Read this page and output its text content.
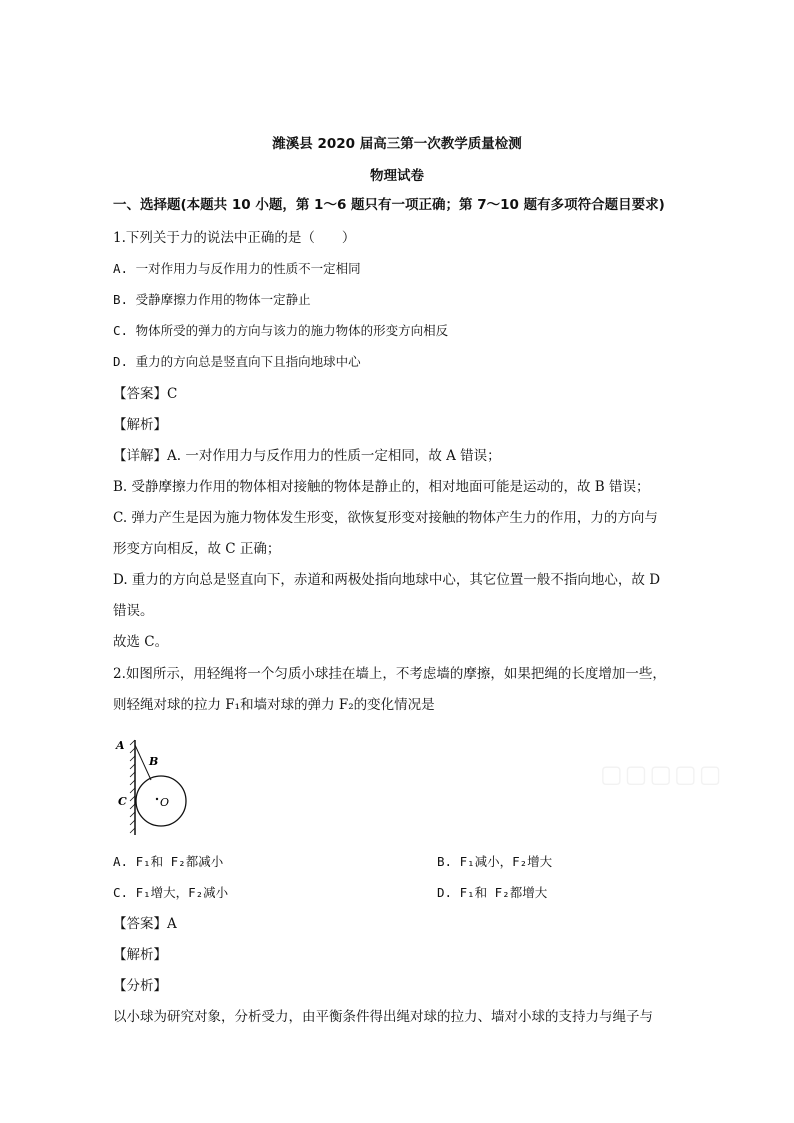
潍溪县 2020 届高三第一次教学质量检测
物理试卷
一、选择题(本题共 10 小题，第 1～6 题只有一项正确；第 7～10 题有多项符合题目要求)
1.下列关于力的说法中正确的是（　　）
A. 一对作用力与反作用力的性质不一定相同
B. 受静摩擦力作用的物体一定静止
C. 物体所受的弹力的方向与该力的施力物体的形变方向相反
D. 重力的方向总是竖直向下且指向地球中心
【答案】C
【解析】
【详解】A. 一对作用力与反作用力的性质一定相同，故 A 错误；
B. 受静摩擦力作用的物体相对接触的物体是静止的，相对地面可能是运动的，故 B 错误；
C. 弹力产生是因为施力物体发生形变，欲恢复形变对接触的物体产生力的作用，力的方向与
形变方向相反，故 C 正确；
D. 重力的方向总是竖直向下，赤道和两极处指向地球中心，其它位置一般不指向地心，故 D
错误。
故选 C。
2.如图所示，用轻绳将一个匀质小球挂在墙上，不考虑墙的摩擦，如果把绳的长度增加一些，
则轻绳对球的拉力 F₁和墙对球的弹力 F₂的变化情况是
A
B
C	O
▢▢▢▢▢
A. F₁和 F₂都减小	B. F₁减小，F₂增大
C. F₁增大，F₂减小	D. F₁和 F₂都增大
【答案】A
【解析】
【分析】
以小球为研究对象，分析受力，由平衡条件得出绳对球的拉力、墙对小球的支持力与绳子与
